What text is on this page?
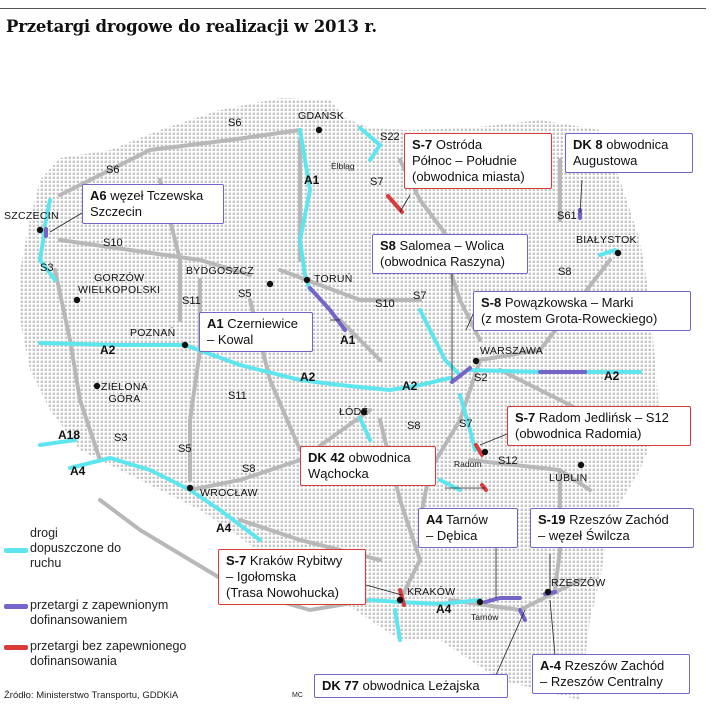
Przetargi drogowe do realizacji w 2013 r.
GDAŃSK
Elbląg
SZCZECIN
BYDGOSZCZ
TORUŃ
GORZÓW
WIELKOPOLSKI
POZNAŃ
BIAŁYSTOK
WARSZAWA
ZIELONA
GÓRA
ŁÓDŹ
Radom
LUBLIN
WROCŁAW
KRAKÓW
Tarnów
RZESZÓW
S6
S6
S22
A1	S7
S61
S10
S3	S8
S11
S5
S10
S7
A1
A2
A2
A2
S2	A2
S11
S8	S7
S12
A18	S3
S5
A4	S8
A4
A4
A6 węzeł Tczewska
Szczecin
S-7 Ostróda
Północ – Południe
(obwodnica miasta)
DK 8 obwodnica
Augustowa
S8 Salomea – Wolica
(obwodnica Raszyna)
S-8 Powązkowska – Marki
(z mostem Grota-Roweckiego)
A1 Czerniewice
– Kowal
S-7 Radom Jedlińsk – S12
(obwodnica Radomia)
DK 42 obwodnica
Wąchocka
A4 Tarnów
– Dębica
S-19 Rzeszów Zachód
– węzeł Świlcza
S-7 Kraków Rybitwy
– Igołomska
(Trasa Nowohucka)
A-4 Rzeszów Zachód
– Rzeszów Centralny
DK 77 obwodnica Leżajska
drogi dopuszczone do ruchu
przetargi z zapewnionym dofinansowaniem
przetargi bez zapewnionego dofinansowania
Źródło: Ministerstwo Transportu, GDDKiA	MC
